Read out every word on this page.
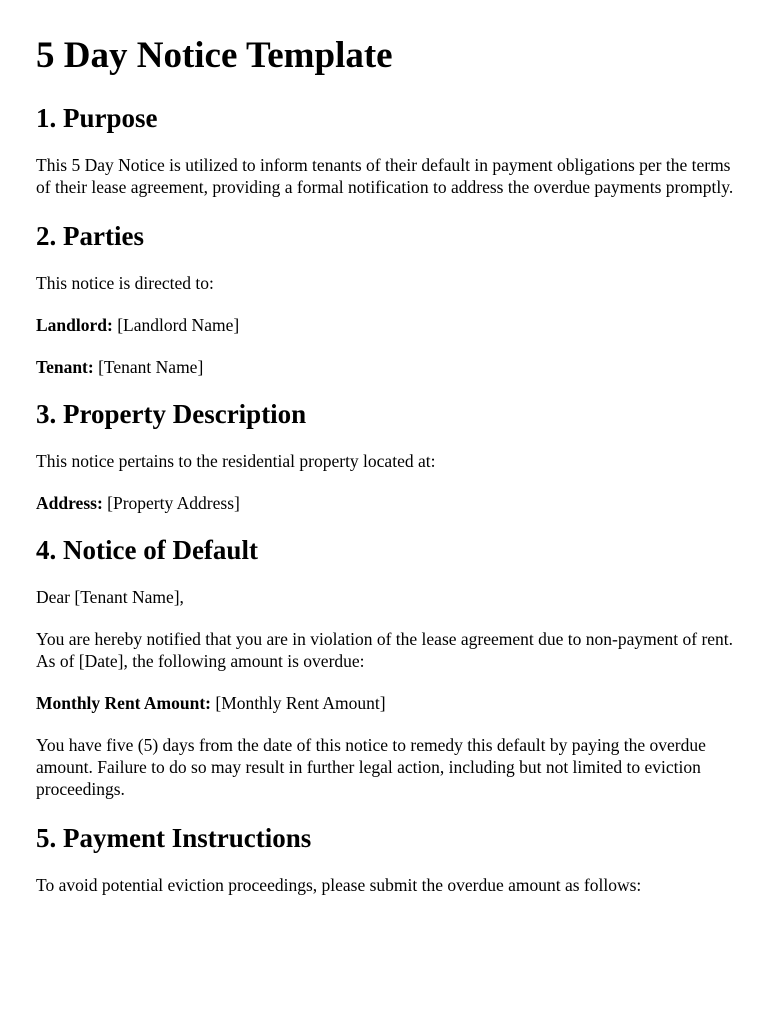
5 Day Notice Template
1. Purpose

This 5 Day Notice is utilized to inform tenants of their default in payment obligations per the terms of their lease agreement, providing a formal notification to address the overdue payments promptly.

2. Parties

This notice is directed to:

Landlord: [Landlord Name]

Tenant: [Tenant Name]

3. Property Description

This notice pertains to the residential property located at:

Address: [Property Address]

4. Notice of Default

Dear [Tenant Name],

You are hereby notified that you are in violation of the lease agreement due to non-payment of rent. As of [Date], the following amount is overdue:

Monthly Rent Amount: [Monthly Rent Amount]

You have five (5) days from the date of this notice to remedy this default by paying the overdue amount. Failure to do so may result in further legal action, including but not limited to eviction proceedings.

5. Payment Instructions

To avoid potential eviction proceedings, please submit the overdue amount as follows:
